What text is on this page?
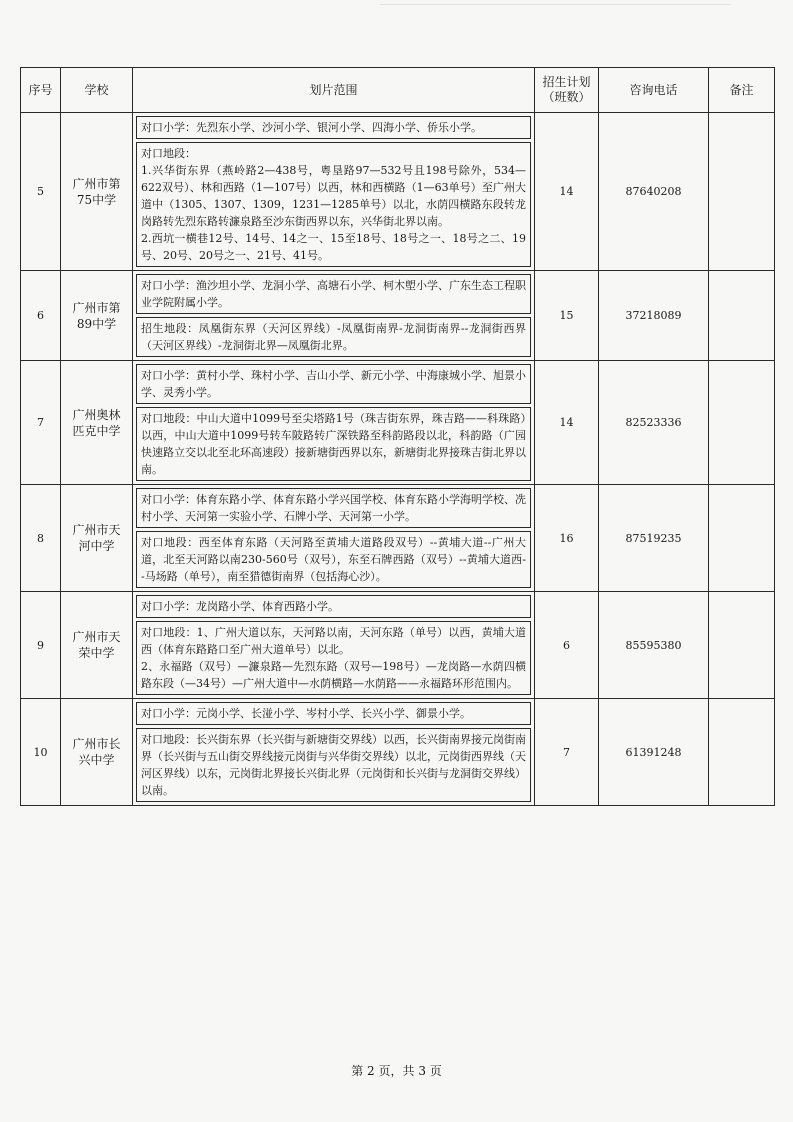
序号	学校	划片范围	招生计划（班数）	咨询电话	备注
5	广州市第75中学	对口小学：先烈东小学、沙河小学、银河小学、四海小学、侨乐小学。
对口地段：
1.兴华街东界（燕岭路2—438号，粤垦路97—532号且198号除外，534—622双号）、林和西路（1—107号）以西，林和西横路（1—63单号）至广州大道中（1305、1307、1309，1231—1285单号）以北，水荫四横路东段转龙岗路转先烈东路转濂泉路至沙东街西界以东，兴华街北界以南。
2.西坑一横巷12号、14号、14之一、15至18号、18号之一、18号之二、19号、20号、20号之一、21号、41号。	14	87640208	
6	广州市第89中学	对口小学：渔沙坦小学、龙洞小学、高塘石小学、柯木塱小学、广东生态工程职业学院附属小学。
招生地段：凤凰街东界（天河区界线）-凤凰街南界-龙洞街南界--龙洞街西界（天河区界线）-龙洞街北界—凤凰街北界。	15	37218089	
7	广州奥林匹克中学	对口小学：黄村小学、珠村小学、吉山小学、新元小学、中海康城小学、旭景小学、灵秀小学。
对口地段：中山大道中1099号至尖塔路1号（珠吉街东界，珠吉路——科珠路）以西，中山大道中1099号转车陂路转广深铁路至科韵路段以北，科韵路（广园快速路立交以北至北环高速段）接新塘街西界以东，新塘街北界接珠吉街北界以南。	14	82523336	
8	广州市天河中学	对口小学：体育东路小学、体育东路小学兴国学校、体育东路小学海明学校、冼村小学、天河第一实验小学、石牌小学、天河第一小学。
对口地段：西至体育东路（天河路至黄埔大道路段双号）--黄埔大道--广州大道，北至天河路以南230-560号（双号），东至石牌西路（双号）--黄埔大道西--马场路（单号），南至猎德街南界（包括海心沙）。	16	87519235	
9	广州市天荣中学	对口小学：龙岗路小学、体育西路小学。
对口地段：1、广州大道以东，天河路以南，天河东路（单号）以西，黄埔大道西（体育东路路口至广州大道单号）以北。
2、永福路（双号）—濂泉路—先烈东路（双号—198号）—龙岗路—水荫四横路东段（—34号）—广州大道中—水荫横路—水荫路——永福路环形范围内。	6	85595380	
10	广州市长兴中学	对口小学：元岗小学、长湴小学、岑村小学、长兴小学、御景小学。
对口地段：长兴街东界（长兴街与新塘街交界线）以西，长兴街南界接元岗街南界（长兴街与五山街交界线接元岗街与兴华街交界线）以北，元岗街西界线（天河区界线）以东，元岗街北界接长兴街北界（元岗街和长兴街与龙洞街交界线）以南。	7	61391248	
第 2 页，共 3 页
